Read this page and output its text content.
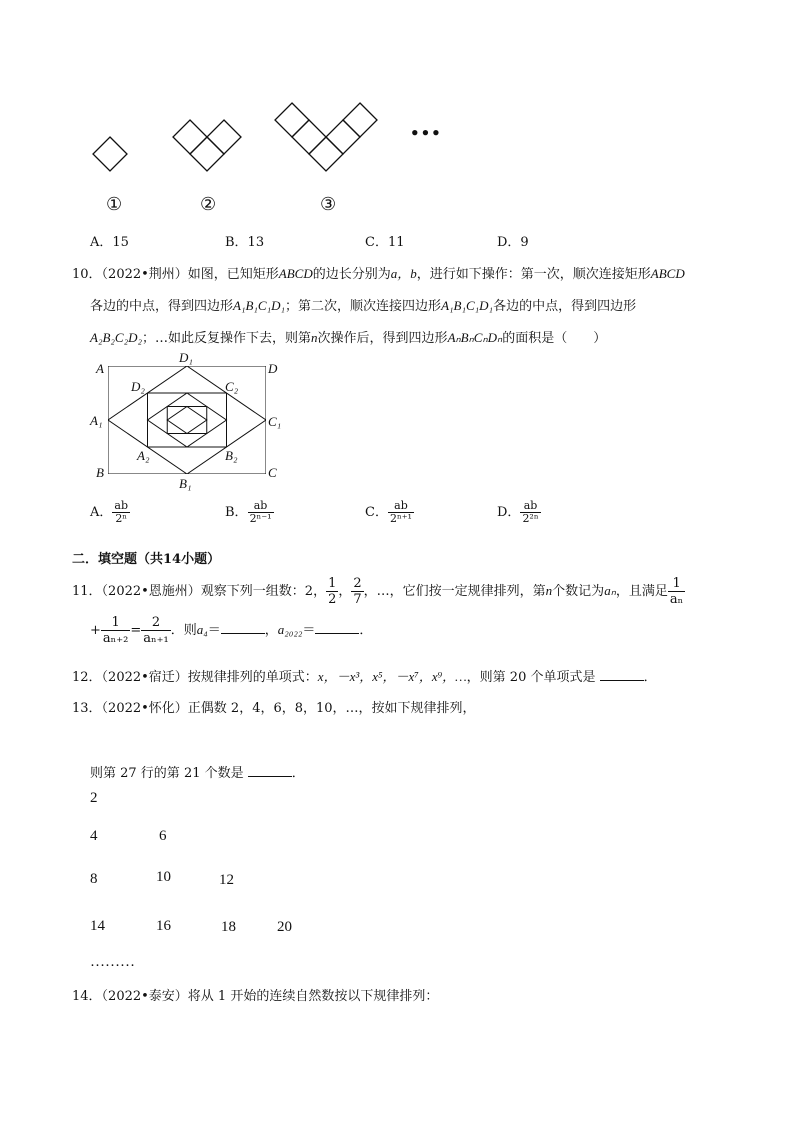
•••
①	②	③
A．15	B．13	C．11	D．9
10．（2022•荆州）如图，已知矩形ABCD的边长分别为a，b，进行如下操作：第一次，顺次连接矩形ABCD
各边的中点，得到四边形A₁B₁C₁D₁；第二次，顺次连接四边形A₁B₁C₁D₁各边的中点，得到四边形
A₂B₂C₂D₂；…如此反复操作下去，则第n次操作后，得到四边形AₙBₙCₙDₙ的面积是（　　）
A	D
B	C
D₁
B₁
A₁	C₁
D₂	C₂
A₂	B₂
A． $\frac{ab}{\text{2ⁿ}}$	B． $\frac{ab}{\text{2ⁿ⁻¹}}$	C． $\frac{ab}{\text{2ⁿ⁺¹}}$	D． $\frac{ab}{\text{2²ⁿ}}$
二．填空题（共14小题）
11．（2022•恩施州）观察下列一组数：2， $\frac{1}{2}$ ， $\frac{2}{7}$ ，…，它们按一定规律排列，第n个数记为aₙ，且满足 $\frac{1}{\text{aₙ}}$
+ $\frac{1}{\text{aₙ₊₂}} = \frac{2}{\text{aₙ₊₁}}$ ．则a₄＝	，a₂₀₂₂＝	．
12．（2022•宿迁）按规律排列的单项式：x，－x³，x⁵，－x⁷，x⁹，…，则第 20 个单项式是	．
13．（2022•怀化）正偶数 2，4，6，8，10，…，按如下规律排列，
则第 27 行的第 21 个数是	．
2
4	6
8	10	12
14	16	18	20
………
14．（2022•泰安）将从 1 开始的连续自然数按以下规律排列：
